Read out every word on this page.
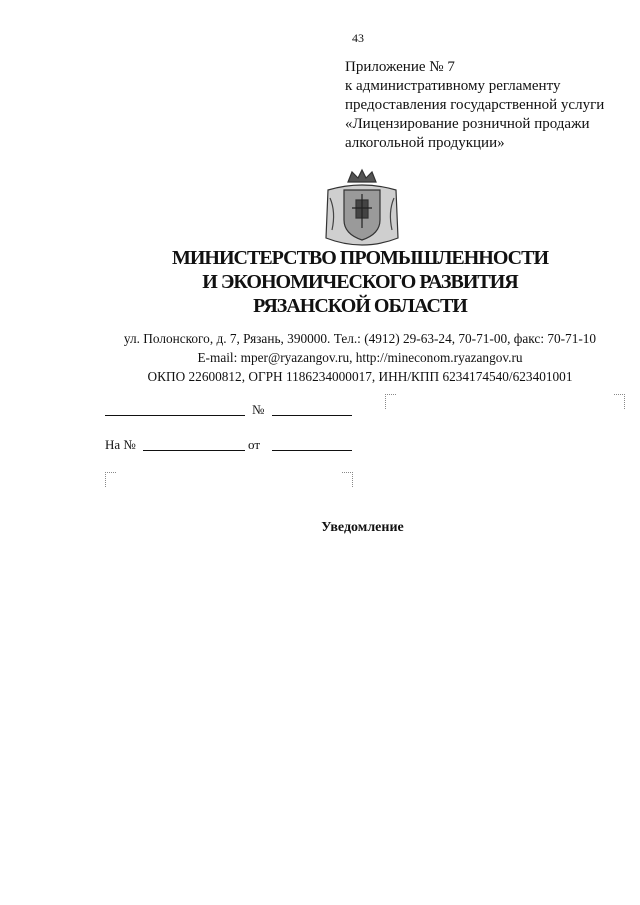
43
Приложение № 7
к административному регламенту
предоставления государственной услуги
«Лицензирование розничной продажи
алкогольной продукции»
МИНИСТЕРСТВО ПРОМЫШЛЕННОСТИ
И ЭКОНОМИЧЕСКОГО РАЗВИТИЯ
РЯЗАНСКОЙ ОБЛАСТИ
ул. Полонского, д. 7, Рязань, 390000. Тел.: (4912) 29-63-24, 70-71-00, факс: 70-71-10
E-mail: mper@ryazangov.ru, http://mineconom.ryazangov.ru
ОКПО 22600812, ОГРН 1186234000017, ИНН/КПП 6234174540/623401001
№
На №	от
Уведомление
